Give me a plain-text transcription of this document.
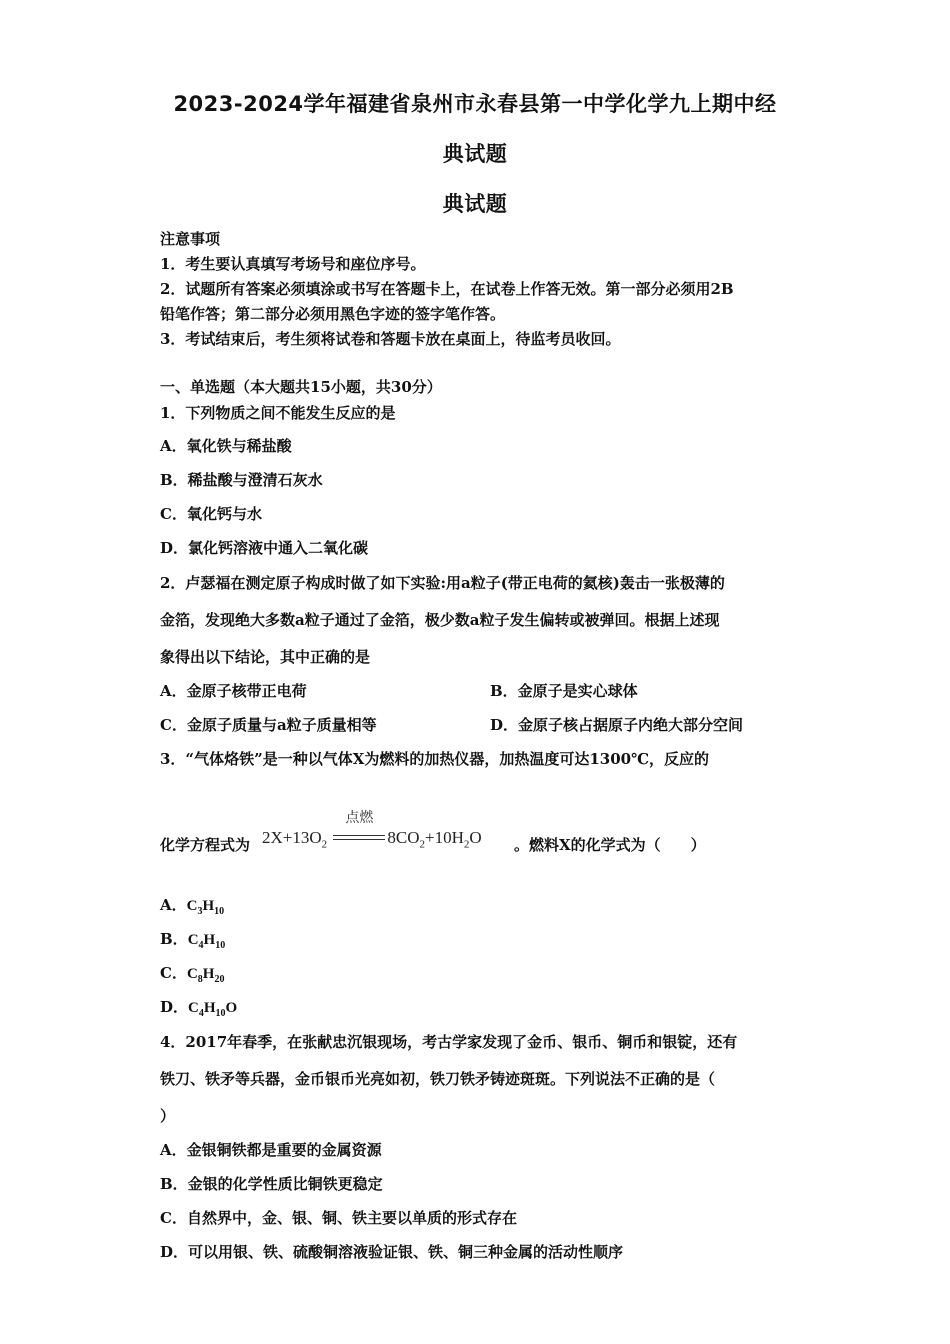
2023-2024学年福建省泉州市永春县第一中学化学九上期中经
典试题
典试题
注意事项
1．考生要认真填写考场号和座位序号。
2．试题所有答案必须填涂或书写在答题卡上，在试卷上作答无效。第一部分必须用2B
铅笔作答；第二部分必须用黑色字迹的签字笔作答。
3．考试结束后，考生须将试卷和答题卡放在桌面上，待监考员收回。
一、单选题（本大题共15小题，共30分）
1．下列物质之间不能发生反应的是
A．氧化铁与稀盐酸
B．稀盐酸与澄清石灰水
C．氧化钙与水
D．氯化钙溶液中通入二氧化碳
2．卢瑟福在测定原子构成时做了如下实验:用a粒子(带正电荷的氦核)轰击一张极薄的
金箔，发现绝大多数a粒子通过了金箔，极少数a粒子发生偏转或被弹回。根据上述现
象得出以下结论，其中正确的是
A．金原子核带正电荷	B．金原子是实心球体
C．金原子质量与a粒子质量相等	D．金原子核占据原子内绝大部分空间
3．“气体烙铁”是一种以气体X为燃料的加热仪器，加热温度可达1300℃，反应的
化学方程式为 $2X+13O_2$
点燃
$8CO_2+10H_2O$ 。燃料X的化学式为（　　）
A．$C_3H_{10}$
B．$C_4H_{10}$
C．$C_8H_{20}$
D．$C_4H_{10}O$
4．2017年春季，在张献忠沉银现场，考古学家发现了金币、银币、铜币和银锭，还有
铁刀、铁矛等兵器，金币银币光亮如初，铁刀铁矛铸迹斑斑。下列说法不正确的是（
）
A．金银铜铁都是重要的金属资源
B．金银的化学性质比铜铁更稳定
C．自然界中，金、银、铜、铁主要以单质的形式存在
D．可以用银、铁、硫酸铜溶液验证银、铁、铜三种金属的活动性顺序
